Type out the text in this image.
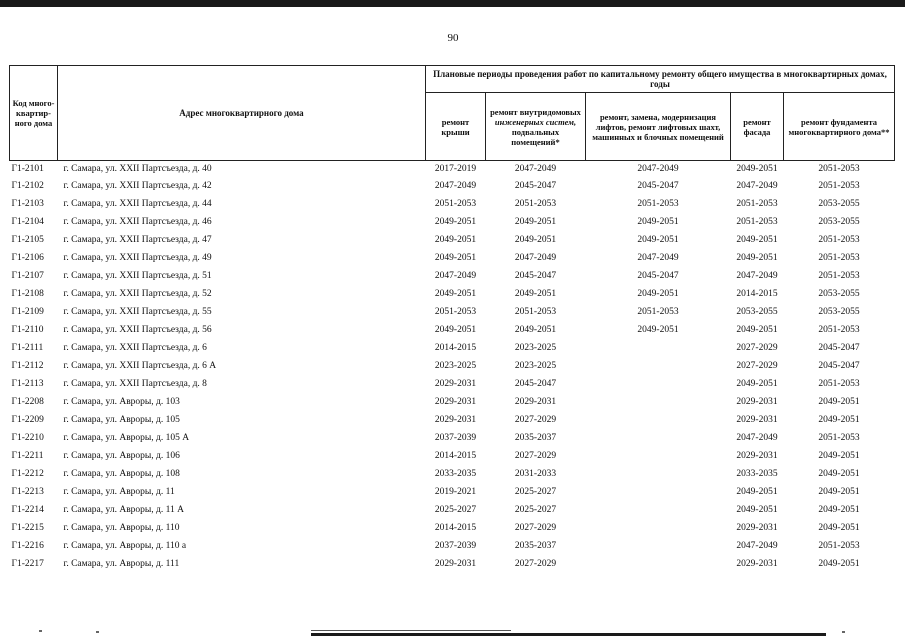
90
Код много-квартир-ного дома	Адрес многоквартирного дома	Плановые периоды проведения работ по капитальному ремонту общего имущества в многоквартирных домах, годы				
		ремонт крыши	ремонт внутридомовых инженерных систем, подвальных помещений*	ремонт, замена, модернизация лифтов, ремонт лифтовых шахт, машинных и блочных помещений	ремонт фасада	ремонт фундамента многоквартирного дома**
Г1-2101	г. Самара, ул. XXII Партсъезда, д. 40	2017-2019	2047-2049	2047-2049	2049-2051	2051-2053
Г1-2102	г. Самара, ул. XXII Партсъезда, д. 42	2047-2049	2045-2047	2045-2047	2047-2049	2051-2053
Г1-2103	г. Самара, ул. XXII Партсъезда, д. 44	2051-2053	2051-2053	2051-2053	2051-2053	2053-2055
Г1-2104	г. Самара, ул. XXII Партсъезда, д. 46	2049-2051	2049-2051	2049-2051	2051-2053	2053-2055
Г1-2105	г. Самара, ул. XXII Партсъезда, д. 47	2049-2051	2049-2051	2049-2051	2049-2051	2051-2053
Г1-2106	г. Самара, ул. XXII Партсъезда, д. 49	2049-2051	2047-2049	2047-2049	2049-2051	2051-2053
Г1-2107	г. Самара, ул. XXII Партсъезда, д. 51	2047-2049	2045-2047	2045-2047	2047-2049	2051-2053
Г1-2108	г. Самара, ул. XXII Партсъезда, д. 52	2049-2051	2049-2051	2049-2051	2014-2015	2053-2055
Г1-2109	г. Самара, ул. XXII Партсъезда, д. 55	2051-2053	2051-2053	2051-2053	2053-2055	2053-2055
Г1-2110	г. Самара, ул. XXII Партсъезда, д. 56	2049-2051	2049-2051	2049-2051	2049-2051	2051-2053
Г1-2111	г. Самара, ул. XXII Партсъезда, д. 6	2014-2015	2023-2025		2027-2029	2045-2047
Г1-2112	г. Самара, ул. XXII Партсъезда, д. 6 А	2023-2025	2023-2025		2027-2029	2045-2047
Г1-2113	г. Самара, ул. XXII Партсъезда, д. 8	2029-2031	2045-2047		2049-2051	2051-2053
Г1-2208	г. Самара, ул. Авроры, д. 103	2029-2031	2029-2031		2029-2031	2049-2051
Г1-2209	г. Самара, ул. Авроры, д. 105	2029-2031	2027-2029		2029-2031	2049-2051
Г1-2210	г. Самара, ул. Авроры, д. 105 А	2037-2039	2035-2037		2047-2049	2051-2053
Г1-2211	г. Самара, ул. Авроры, д. 106	2014-2015	2027-2029		2029-2031	2049-2051
Г1-2212	г. Самара, ул. Авроры, д. 108	2033-2035	2031-2033		2033-2035	2049-2051
Г1-2213	г. Самара, ул. Авроры, д. 11	2019-2021	2025-2027		2049-2051	2049-2051
Г1-2214	г. Самара, ул. Авроры, д. 11 А	2025-2027	2025-2027		2049-2051	2049-2051
Г1-2215	г. Самара, ул. Авроры, д. 110	2014-2015	2027-2029		2029-2031	2049-2051
Г1-2216	г. Самара, ул. Авроры, д. 110 а	2037-2039	2035-2037		2047-2049	2051-2053
Г1-2217	г. Самара, ул. Авроры, д. 111	2029-2031	2027-2029		2029-2031	2049-2051
